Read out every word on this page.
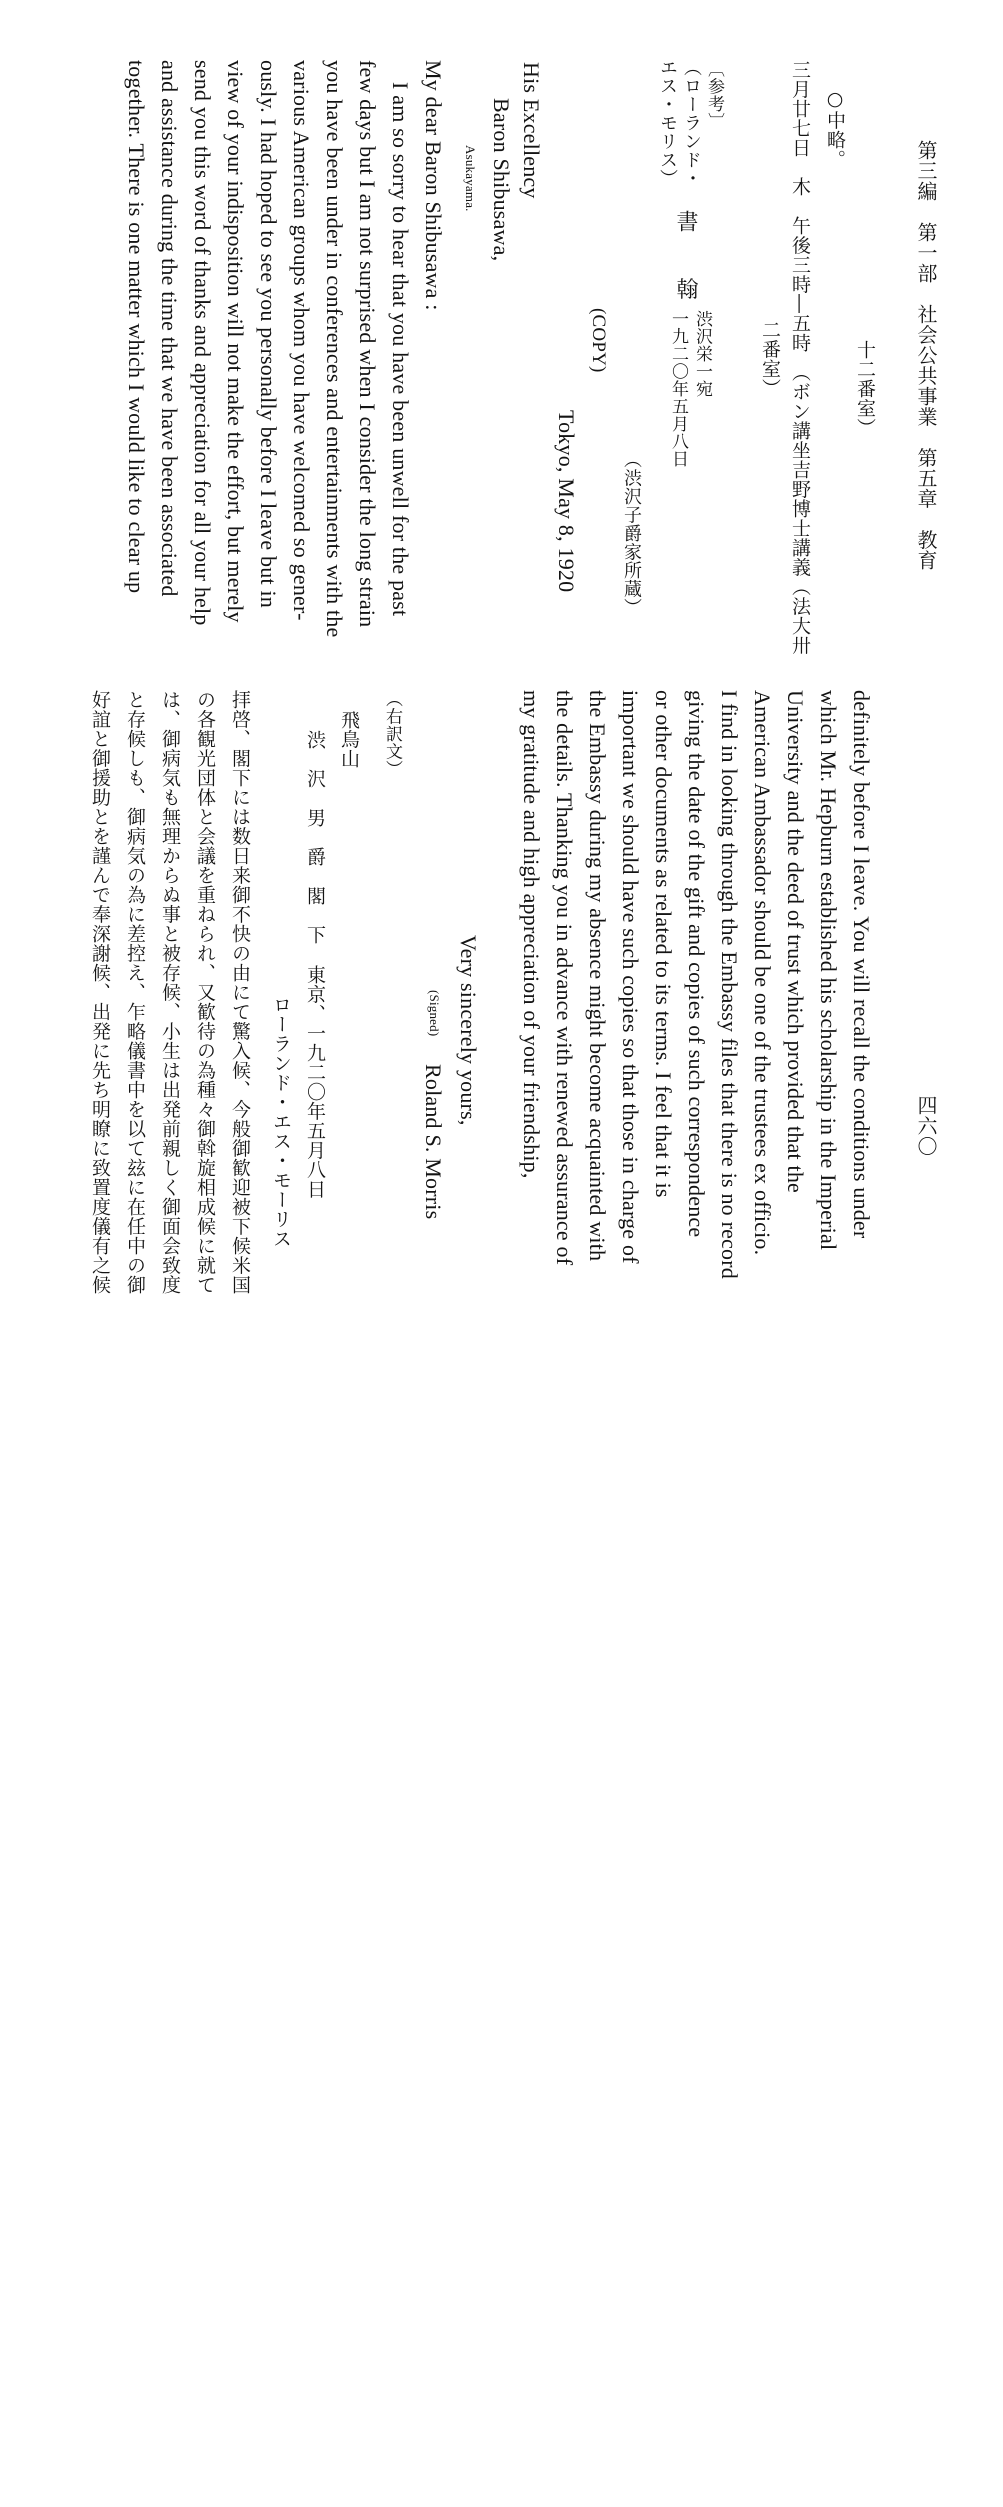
第三編　第一部　社会公共事業　第五章　教育
四六〇
十二番室）
○中略。
三月廿七日　木　午後三時―五時　（ボン講坐吉野博士講義（法大卅
二番室）
〔参考〕
（ローランド・
エス・モリス）
書　　翰
渋沢栄一宛
一九二〇年五月八日
（渋沢子爵家所蔵）
(COPY)
Tokyo, May 8, 1920
His Excellency
Baron Shibusawa,
Asukayama.
My dear Baron Shibusawa :
I am so sorry to hear that you have been unwell for the past
few days but I am not surprised when I consider the long strain
you have been under in conferences and entertainments with the
various American groups whom you have welcomed so gener-
ously. I had hoped to see you personally before I leave but in
view of your indisposition will not make the effort, but merely
send you this word of thanks and appreciation for all your help
and assistance during the time that we have been associated
together. There is one matter which I would like to clear up
definitely before I leave. You will recall the conditions under
which Mr. Hepburn established his scholarship in the Imperial
University and the deed of trust which provided that the
American Ambassador should be one of the trustees ex officio.
I find in looking through the Embassy files that there is no record
giving the date of the gift and copies of such correspondence
or other documents as related to its terms. I feel that it is
important we should have such copies so that those in charge of
the Embassy during my absence might become acquainted with
the details. Thanking you in advance with renewed assurance of
my gratitude and high appreciation of your friendship,
Very sincerely yours,
(Signed)
Roland S. Morris
（右訳文）
飛鳥山
渋　沢　男　爵　閣　下
東京、一九二〇年五月八日
ローランド・エス・モーリス
拝啓、閣下には数日来御不快の由にて驚入候、今般御歓迎被下候米国
の各観光団体と会議を重ねられ、又歓待の為種々御斡旋相成候に就て
は、御病気も無理からぬ事と被存候、小生は出発前親しく御面会致度
と存候しも、御病気の為に差控え、乍略儀書中を以て玆に在任中の御
好誼と御援助とを謹んで奉深謝候、出発に先ち明瞭に致置度儀有之候
